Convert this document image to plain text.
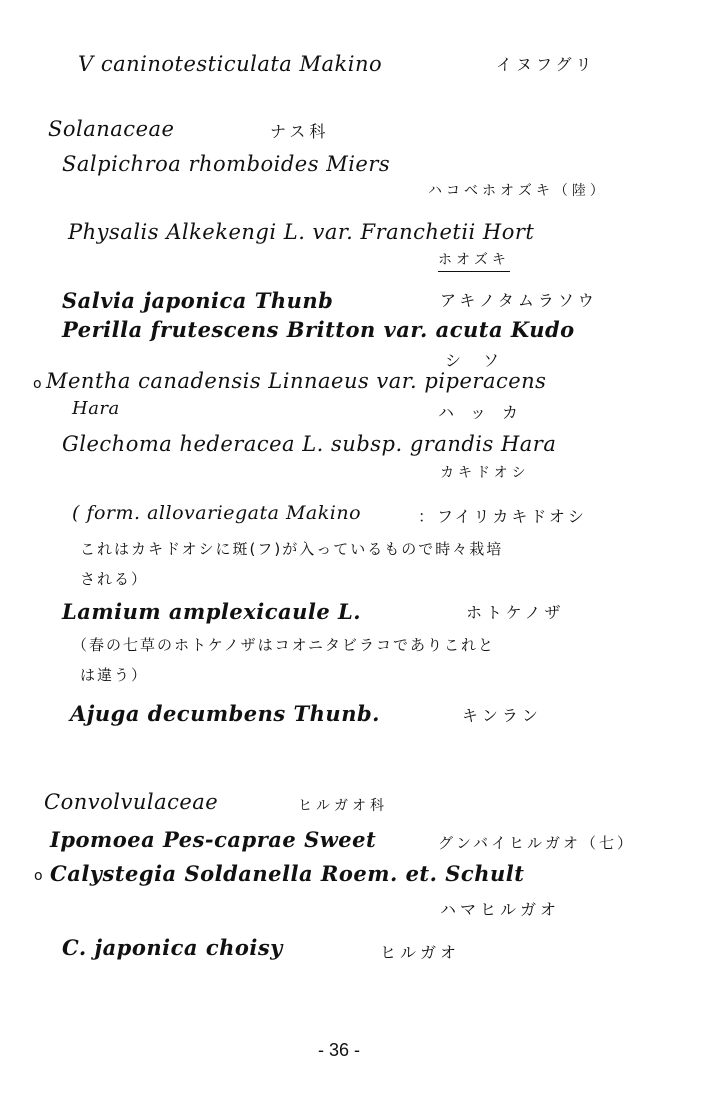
V caninotesticulata Makino	イヌフグリ
Solanaceae	ナス科
Salpichroa rhomboides Miers
ハコベホオズキ（陸）
Physalis Alkekengi L. var. Franchetii Hort
ホオズキ
Salvia japonica Thunb	アキノタムラソウ
Perilla frutescens Britton var. acuta Kudo
シソ
o Mentha canadensis Linnaeus var. piperacens
Hara	ハッカ
Glechoma hederacea L. subsp. grandis Hara
カキドオシ
( form. allovariegata Makino	：フイリカキドオシ
これはカキドオシに斑(フ)が入っているもので時々栽培
される）
Lamium amplexicaule L.	ホトケノザ
（春の七草のホトケノザはコオニタビラコでありこれと
は違う）
Ajuga decumbens Thunb.	キンラン
Convolvulaceae	ヒルガオ科
Ipomoea Pes-caprae Sweet	グンバイヒルガオ（七）
o Calystegia Soldanella Roem. et. Schult
ハマヒルガオ
C. japonica choisy	ヒルガオ
- 36 -
